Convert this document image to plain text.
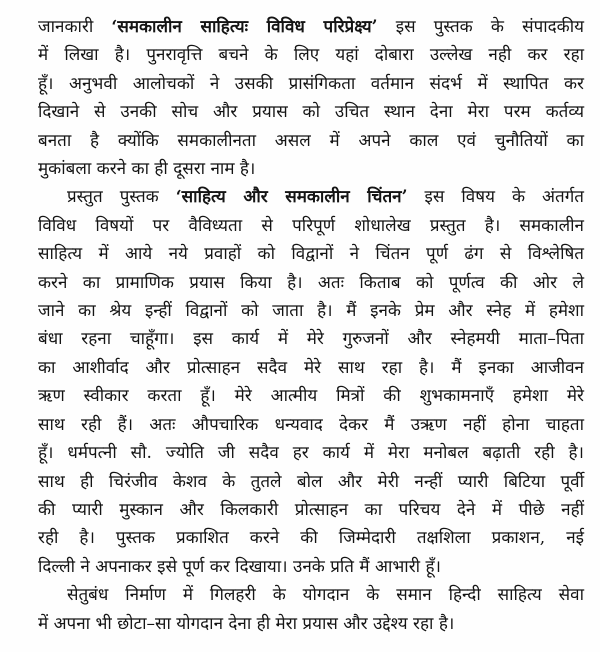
जानकारी ‘समकालीन साहित्यः विविध परिप्रेक्ष्य’ इस पुस्तक के संपादकीय
में लिखा है। पुनरावृत्ति बचने के लिए यहां दोबारा उल्लेख नही कर रहा
हूँ। अनुभवी आलोचकों ने उसकी प्रासंगिकता वर्तमान संदर्भ में स्थापित कर
दिखाने से उनकी सोच और प्रयास को उचित स्थान देना मेरा परम कर्तव्य
बनता है क्योंकि समकालीनता असल में अपने काल एवं चुनौतियों का
मुकांबला करने का ही दूसरा नाम है।
प्रस्तुत पुस्तक ‘साहित्य और समकालीन चिंतन’ इस विषय के अंतर्गत
विविध विषयों पर वैविध्यता से परिपूर्ण शोधालेख प्रस्तुत है। समकालीन
साहित्य में आये नये प्रवाहों को विद्वानों ने चिंतन पूर्ण ढंग से विश्लेषित
करने का प्रामाणिक प्रयास किया है। अतः किताब को पूर्णत्व की ओर ले
जाने का श्रेय इन्हीं विद्वानों को जाता है। मैं इनके प्रेम और स्नेह में हमेशा
बंधा रहना चाहूँगा। इस कार्य में मेरे गुरुजनों और स्नेहमयी माता–पिता
का आशीर्वाद और प्रोत्साहन सदैव मेरे साथ रहा है। मैं इनका आजीवन
ऋण स्वीकार करता हूँ। मेरे आत्मीय मित्रों की शुभकामनाएँ हमेशा मेरे
साथ रही हैं। अतः औपचारिक धन्यवाद देकर मैं उऋण नहीं होना चाहता
हूँ। धर्मपत्नी सौ. ज्योति जी सदैव हर कार्य में मेरा मनोबल बढ़ाती रही है।
साथ ही चिरंजीव केशव के तुतले बोल और मेरी नन्हीं प्यारी बिटिया पूर्वी
की प्यारी मुस्कान और किलकारी प्रोत्साहन का परिचय देने में पीछे नहीं
रही है। पुस्तक प्रकाशित करने की जिम्मेदारी तक्षशिला प्रकाशन, नई
दिल्ली ने अपनाकर इसे पूर्ण कर दिखाया। उनके प्रति मैं आभारी हूँ।
सेतुबंध निर्माण में गिलहरी के योगदान के समान हिन्दी साहित्य सेवा
में अपना भी छोटा–सा योगदान देना ही मेरा प्रयास और उद्देश्य रहा है।
